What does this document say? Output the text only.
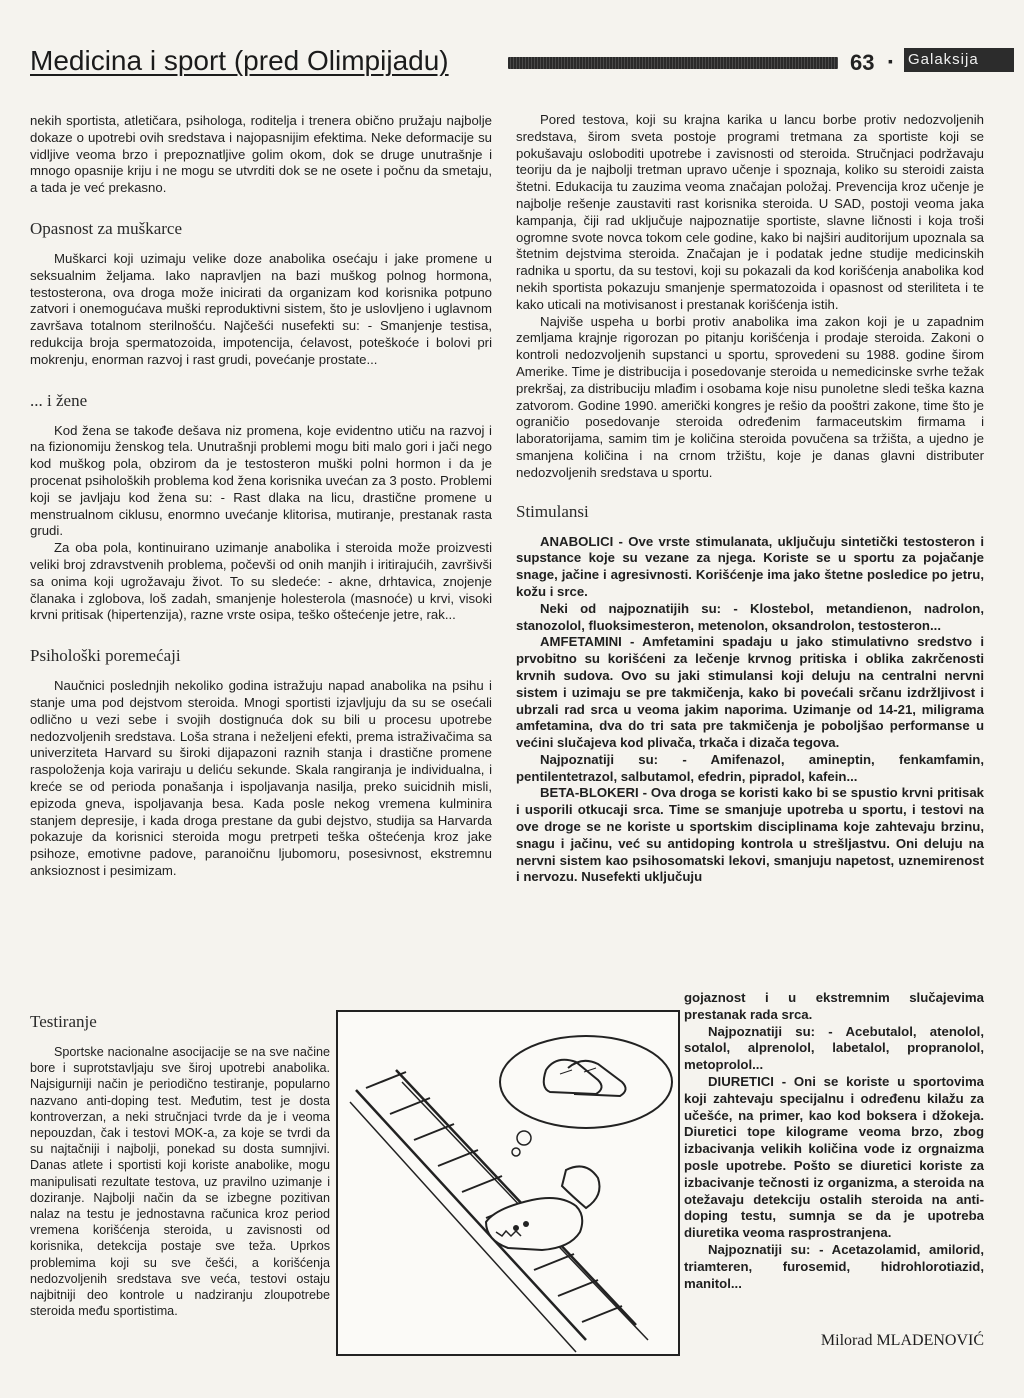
Medicina i sport (pred Olimpijadu)	63 ▪ Galaksija

nekih sportista, atletičara, psihologa, roditelja i trenera obično pružaju najbolje dokaze o upotrebi ovih sredstava i najopasnijim efektima. Neke deformacije su vidljive veoma brzo i prepoznatljive golim okom, dok se druge unutrašnje i mnogo opasnije kriju i ne mogu se utvrditi dok se ne osete i počnu da smetaju, a tada je već prekasno.

Opasnost za muškarce

Muškarci koji uzimaju velike doze anabolika osećaju i jake promene u seksualnim željama. Iako napravljen na bazi muškog polnog hormona, testosterona, ova droga može inicirati da organizam kod korisnika potpuno zatvori i onemogućava muški reproduktivni sistem, što je uslovljeno i uglavnom završava totalnom sterilnošću. Najčešći nusefekti su: - Smanjenje testisa, redukcija broja spermatozoida, impotencija, ćelavost, poteškoće i bolovi pri mokrenju, enorman razvoj i rast grudi, povećanje prostate...

... i žene

Kod žena se takođe dešava niz promena, koje evidentno utiču na razvoj i na fizionomiju ženskog tela. Unutrašnji problemi mogu biti malo gori i jači nego kod muškog pola, obzirom da je testosteron muški polni hormon i da je procenat psiholoških problema kod žena korisnika uvećan za 3 posto. Problemi koji se javljaju kod žena su: - Rast dlaka na licu, drastične promene u menstrualnom ciklusu, enormno uvećanje klitorisa, mutiranje, prestanak rasta grudi.

Za oba pola, kontinuirano uzimanje anabolika i steroida može proizvesti veliki broj zdravstvenih problema, počevši od onih manjih i iritirajućih, završivši sa onima koji ugrožavaju život. To su sledeće: - akne, drhtavica, znojenje članaka i zglobova, loš zadah, smanjenje holesterola (masnoće) u krvi, visoki krvni pritisak (hipertenzija), razne vrste osipa, teško oštećenje jetre, rak...

Psihološki poremećaji

Naučnici poslednjih nekoliko godina istražuju napad anabolika na psihu i stanje uma pod dejstvom steroida. Mnogi sportisti izjavljuju da su se osećali odlično u vezi sebe i svojih dostignuća dok su bili u procesu upotrebe nedozvoljenih sredstava. Loša strana i neželjeni efekti, prema istraživačima sa univerziteta Harvard su široki dijapazoni raznih stanja i drastične promene raspoloženja koja variraju u deliću sekunde. Skala rangiranja je individualna, i kreće se od perioda ponašanja i ispoljavanja nasilja, preko suicidnih misli, epizoda gneva, ispoljavanja besa. Kada posle nekog vremena kulminira stanjem depresije, i kada droga prestane da gubi dejstvo, studija sa Harvarda pokazuje da korisnici steroida mogu pretrpeti teška oštećenja kroz jake psihoze, emotivne padove, paranoičnu ljubomoru, posesivnost, ekstremnu anksioznost i pesimizam.

Testiranje

Sportske nacionalne asocijacije se na sve načine bore i suprotstavljaju sve široj upotrebi anabolika. Najsigurniji način je periodično testiranje, popularno nazvano anti-doping test. Međutim, test je dosta kontroverzan, a neki stručnjaci tvrde da je i veoma nepouzdan, čak i testovi MOK-a, za koje se tvrdi da su najtačniji i najbolji, ponekad su dosta sumnjivi. Danas atlete i sportisti koji koriste anabolike, mogu manipulisati rezultate testova, uz pravilno uzimanje i doziranje. Najbolji način da se izbegne pozitivan nalaz na testu je jednostavna računica kroz period vremena korišćenja steroida, u zavisnosti od korisnika, detekcija postaje sve teža. Uprkos problemima koji su sve češći, a korišćenja nedozvoljenih sredstava sve veća, testovi ostaju najbitniji deo kontrole u nadziranju zloupotrebe steroida među sportistima.

Pored testova, koji su krajna karika u lancu borbe protiv nedozvoljenih sredstava, širom sveta postoje programi tretmana za sportiste koji se pokušavaju osloboditi upotrebe i zavisnosti od steroida. Stručnjaci podržavaju teoriju da je najbolji tretman upravo učenje i spoznaja, koliko su steroidi zaista štetni. Edukacija tu zauzima veoma značajan položaj. Prevencija kroz učenje je najbolje rešenje zaustaviti rast korisnika steroida. U SAD, postoji veoma jaka kampanja, čiji rad uključuje najpoznatije sportiste, slavne ličnosti i koja troši ogromne svote novca tokom cele godine, kako bi najširi auditorijum upoznala sa štetnim dejstvima steroida. Značajan je i podatak jedne studije medicinskih radnika u sportu, da su testovi, koji su pokazali da kod korišćenja anabolika kod nekih sportista pokazuju smanjenje spermatozoida i opasnost od steriliteta i te kako uticali na motivisanost i prestanak korišćenja istih.

Najviše uspeha u borbi protiv anabolika ima zakon koji je u zapadnim zemljama krajnje rigorozan po pitanju korišćenja i prodaje steroida. Zakoni o kontroli nedozvoljenih supstanci u sportu, sprovedeni su 1988. godine širom Amerike. Time je distribucija i posedovanje steroida u nemedicinske svrhe težak prekršaj, za distribuciju mlađim i osobama koje nisu punoletne sledi teška kazna zatvorom. Godine 1990. američki kongres je rešio da pooštri zakone, time što je ograničio posedovanje steroida određenim farmaceutskim firmama i laboratorijama, samim tim je količina steroida povučena sa tržišta, a ujedno je smanjena količina i na crnom tržištu, koje je danas glavni distributer nedozvoljenih sredstava u sportu.

Stimulansi

ANABOLICI - Ove vrste stimulanata, uključuju sintetički testosteron i supstance koje su vezane za njega. Koriste se u sportu za pojačanje snage, jačine i agresivnosti. Korišćenje ima jako štetne posledice po jetru, kožu i srce.

Neki od najpoznatijih su: - Klostebol, metandienon, nadrolon, stanozolol, fluoksimesteron, metenolon, oksandrolon, testosteron...

AMFETAMINI - Amfetamini spadaju u jako stimulativno sredstvo i prvobitno su korišćeni za lečenje krvnog pritiska i oblika zakrčenosti krvnih sudova. Ovo su jaki stimulansi koji deluju na centralni nervni sistem i uzimaju se pre takmičenja, kako bi povećali srčanu izdržljivost i ubrzali rad srca u veoma jakim naporima. Uzimanje od 14-21, miligrama amfetamina, dva do tri sata pre takmičenja je poboljšao performanse u većini slučajeva kod plivača, trkača i dizača tegova.

Najpoznatiji su: - Amifenazol, amineptin, fenkamfamin, pentilentetrazol, salbutamol, efedrin, pipradol, kafein...

BETA-BLOKERI - Ova droga se koristi kako bi se spustio krvni pritisak i usporili otkucaji srca. Time se smanjuje upotreba u sportu, i testovi na ove droge se ne koriste u sportskim disciplinama koje zahtevaju brzinu, snagu i jačinu, već su antidoping kontrola u strešljastvu. Oni deluju na nervni sistem kao psihosomatski lekovi, smanjuju napetost, uznemirenost i nervozu. Nusefekti uključuju

gojaznost i u ekstremnim slučajevima prestanak rada srca.

Najpoznatiji su: - Acebutalol, atenolol, sotalol, alprenolol, labetalol, propranolol, metoprolol...

DIURETICI - Oni se koriste u sportovima koji zahtevaju specijalnu i određenu kilažu za učešće, na primer, kao kod boksera i džokeja. Diuretici tope kilograme veoma brzo, zbog izbacivanja velikih količina vode iz orgnaizma posle upotrebe. Pošto se diuretici koriste za izbacivanje tečnosti iz organizma, a steroida na otežavaju detekciju ostalih steroida na anti-doping testu, sumnja se da je upotreba diuretika veoma rasprostranjena.

Najpoznatiji su: - Acetazolamid, amilorid, triamteren, furosemid, hidrohlorotiazid, manitol...

Milorad MLADENOVIĆ
